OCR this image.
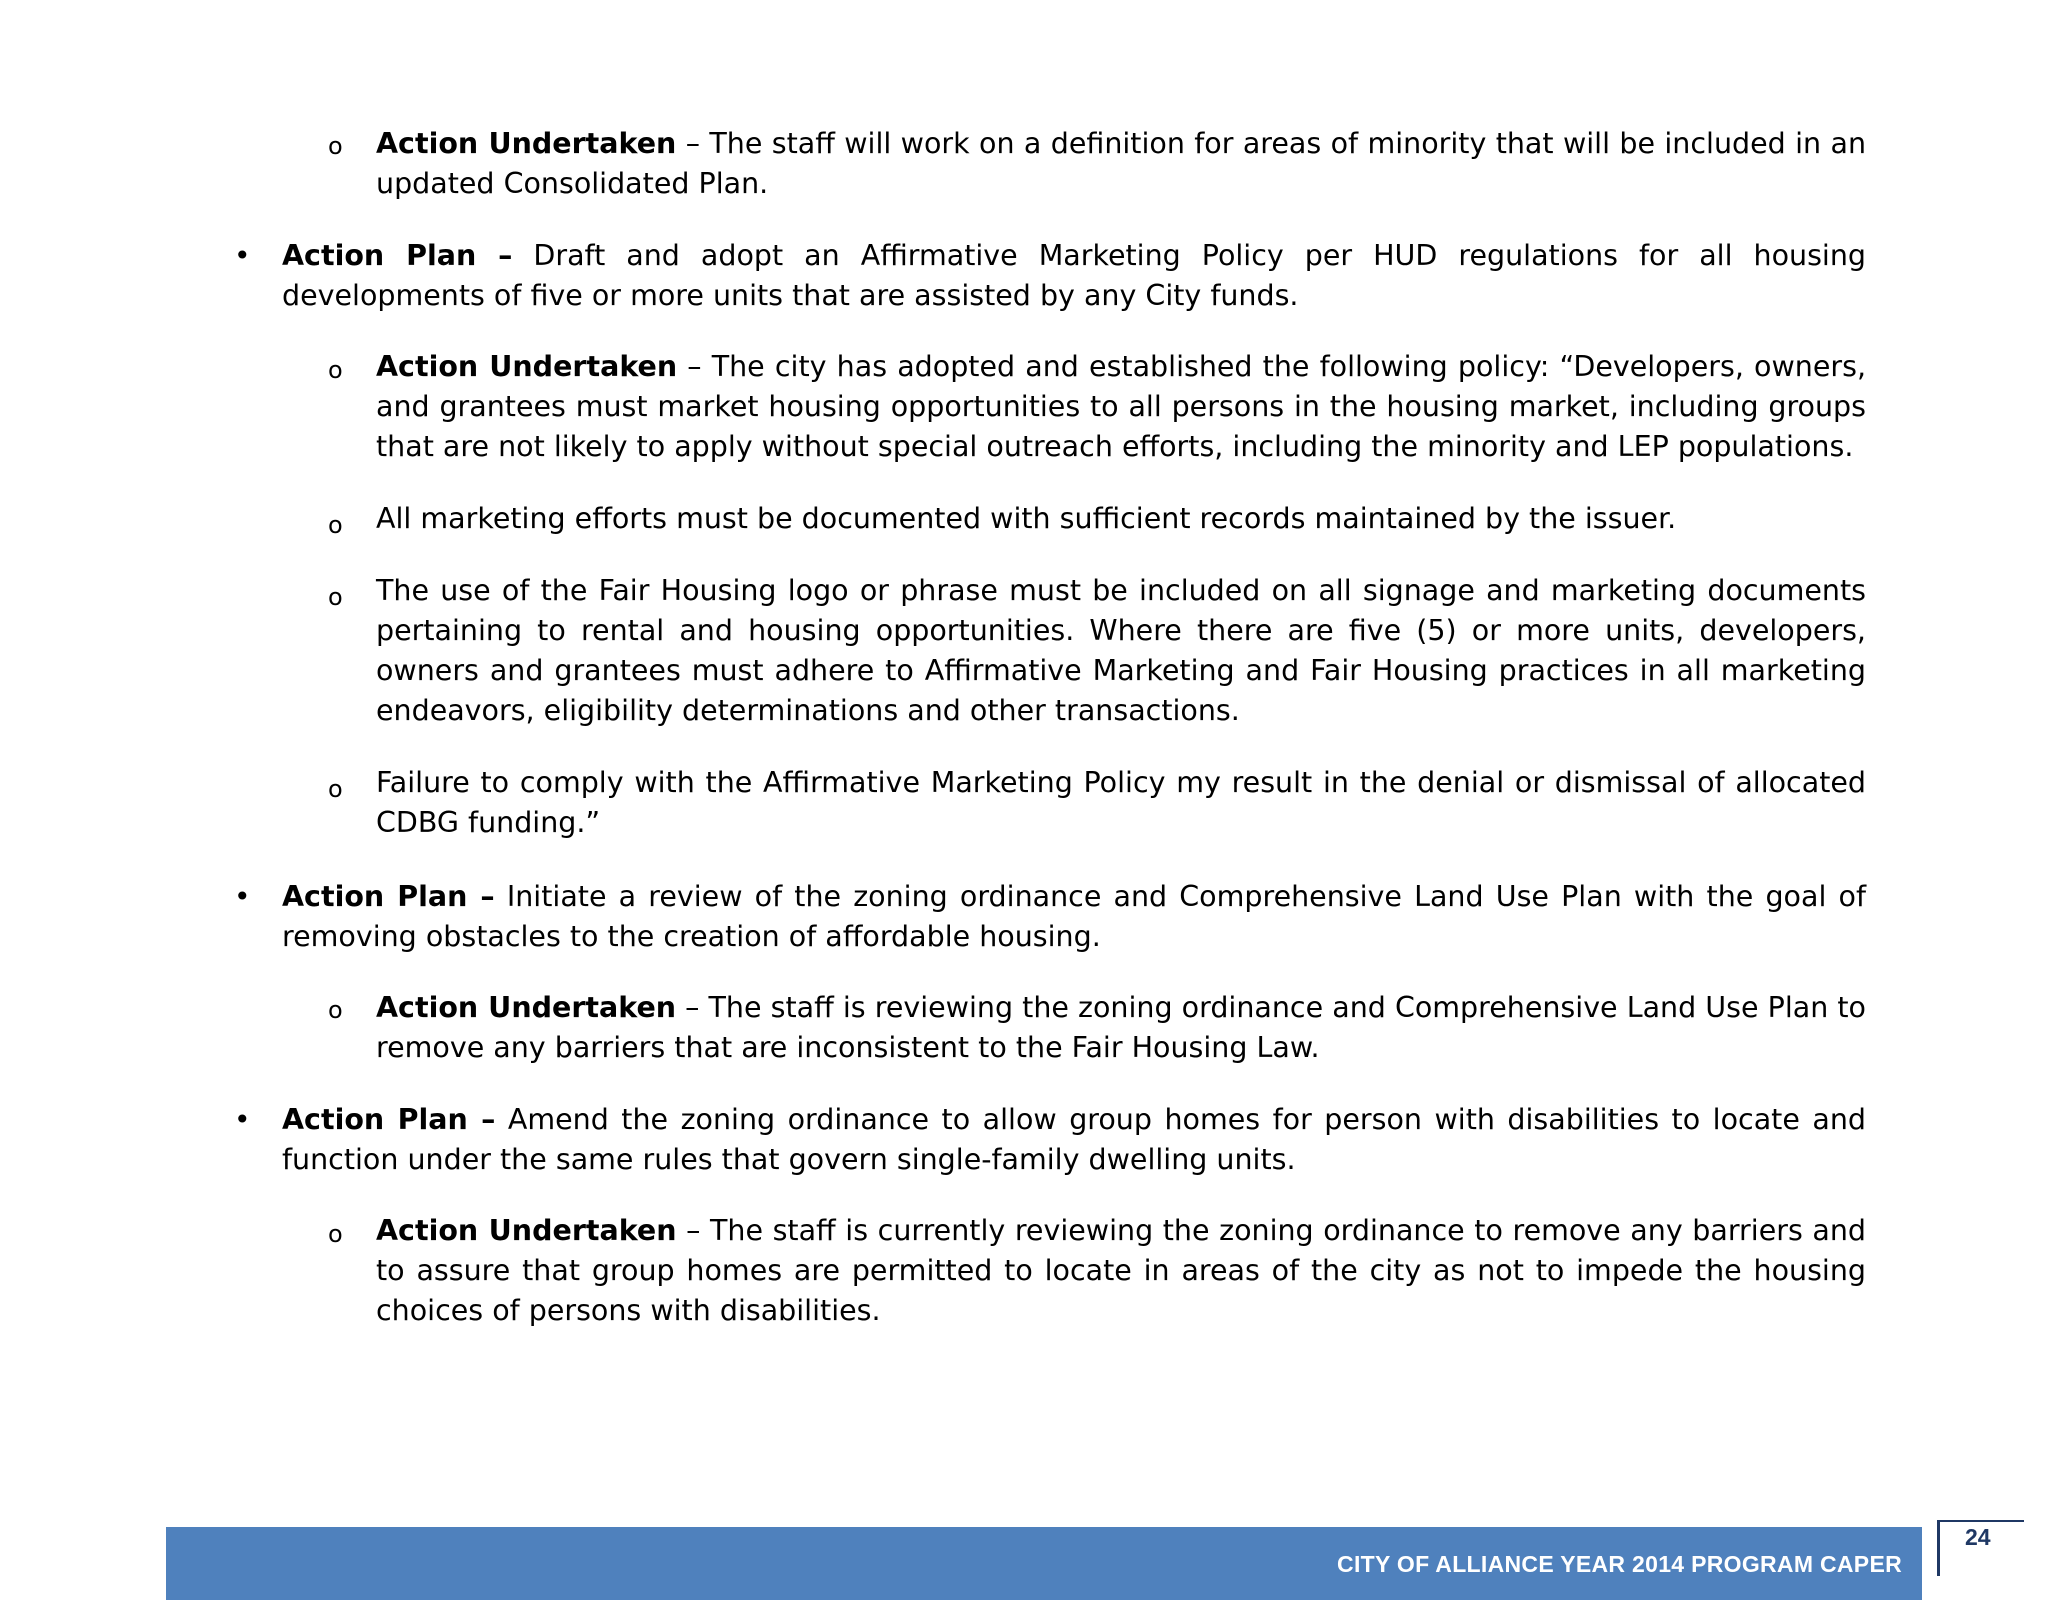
o Action Undertaken – The staff will work on a definition for areas of minority that will be included in an updated Consolidated Plan.

• Action Plan – Draft and adopt an Affirmative Marketing Policy per HUD regulations for all housing developments of five or more units that are assisted by any City funds.

o Action Undertaken – The city has adopted and established the following policy: “Developers, owners, and grantees must market housing opportunities to all persons in the housing market, including groups that are not likely to apply without special outreach efforts, including the minority and LEP populations.

o All marketing efforts must be documented with sufficient records maintained by the issuer.

o The use of the Fair Housing logo or phrase must be included on all signage and marketing documents pertaining to rental and housing opportunities. Where there are five (5) or more units, developers, owners and grantees must adhere to Affirmative Marketing and Fair Housing practices in all marketing endeavors, eligibility determinations and other transactions.

o Failure to comply with the Affirmative Marketing Policy my result in the denial or dismissal of allocated CDBG funding.”

• Action Plan – Initiate a review of the zoning ordinance and Comprehensive Land Use Plan with the goal of removing obstacles to the creation of affordable housing.

o Action Undertaken – The staff is reviewing the zoning ordinance and Comprehensive Land Use Plan to remove any barriers that are inconsistent to the Fair Housing Law.

• Action Plan – Amend the zoning ordinance to allow group homes for person with disabilities to locate and function under the same rules that govern single-family dwelling units.

o Action Undertaken – The staff is currently reviewing the zoning ordinance to remove any barriers and to assure that group homes are permitted to locate in areas of the city as not to impede the housing choices of persons with disabilities.

CITY OF ALLIANCE YEAR 2014 PROGRAM CAPER
24
